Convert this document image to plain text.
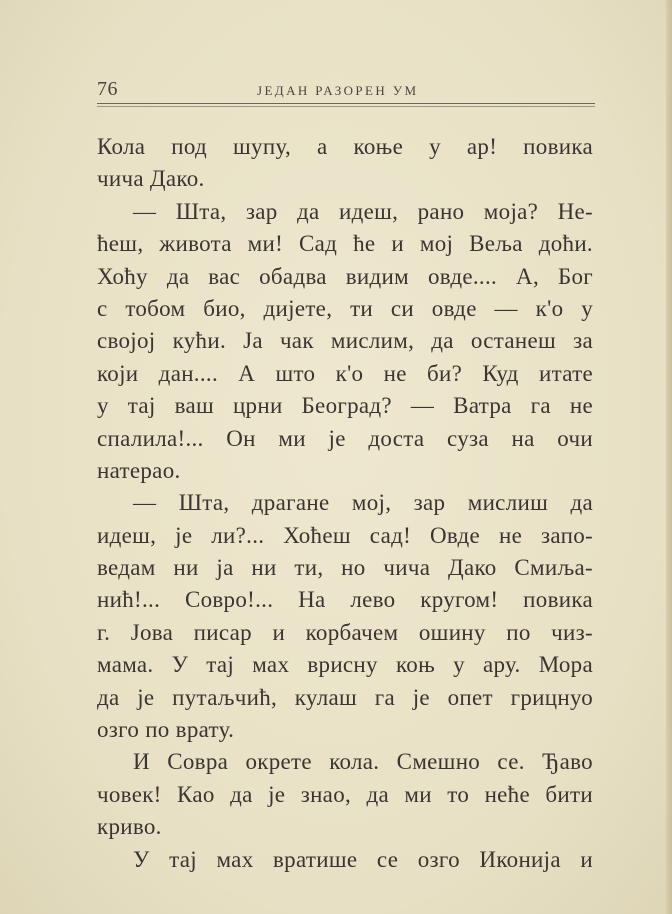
76	ЈЕДАН РАЗОРЕН УМ
Кола под шупу, а коње у ар! повика
чича Дако.
— Шта, зар да идеш, рано моја? Не-
ћеш, живота ми! Сад ће и мој Веља доћи.
Хоћу да вас обадва видим овде.... А, Бог
с тобом био, дијете, ти си овде — к'о у
својој кући. Ја чак мислим, да останеш за
који дан.... А што к'о не би? Куд итате
у тај ваш црни Београд? — Ватра га не
спалила!... Он ми је доста суза на очи
натерао.
— Шта, драгане мој, зар мислиш да
идеш, је ли?... Хоћеш сад! Овде не запо-
ведам ни ја ни ти, но чича Дако Смиља-
нић!... Совро!... На лево кругом! повика
г. Јова писар и корбачем ошину по чиз-
мама. У тај мах врисну коњ у ару. Мора
да је путаљчић, кулаш га је опет грицнуо
озго по врату.
И Совра окрете кола. Смешно се. Ђаво
човек! Као да је знао, да ми то неће бити
криво.
У тај мах вратише се озго Иконија и
